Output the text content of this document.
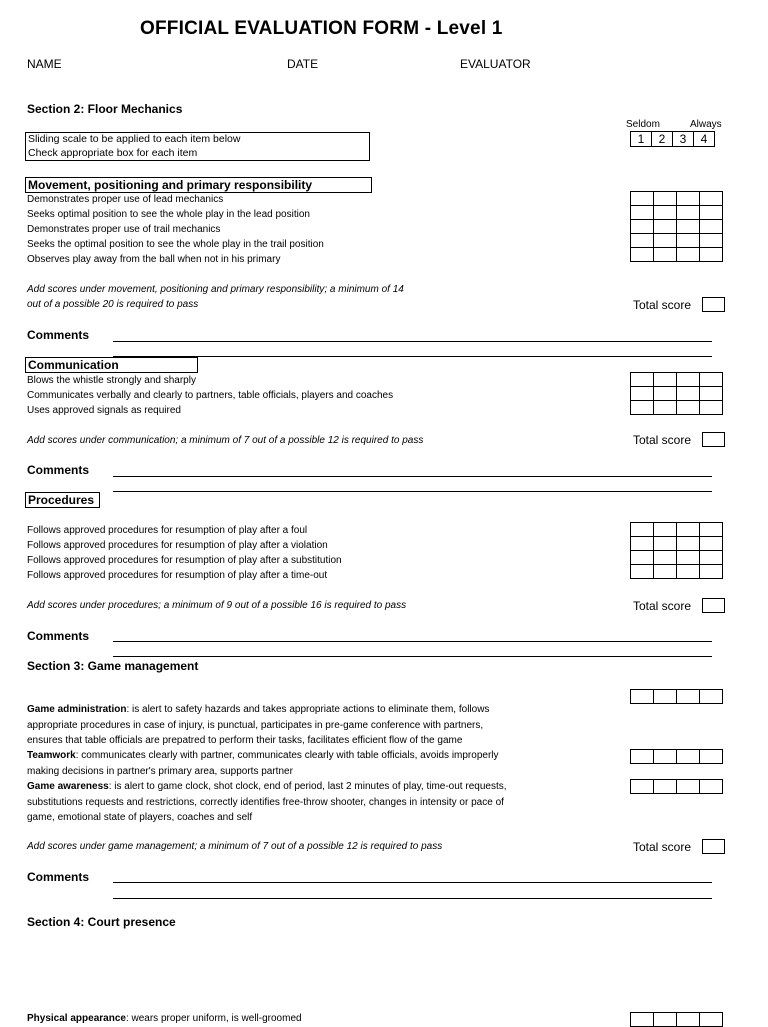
OFFICIAL EVALUATION FORM - Level 1
NAME	DATE	EVALUATOR
Section 2: Floor Mechanics
Sliding scale to be applied to each item below
Check appropriate box for each item
Seldom	Always
1	2	3	4
Movement, positioning and primary responsibility
Demonstrates proper use of lead mechanics
Seeks optimal position to see the whole play in the lead position
Demonstrates proper use of trail mechanics
Seeks the optimal position to see the whole play in the trail position
Observes play away from the ball when not in his primary

Add scores under movement, positioning and primary responsibility; a minimum of 14
out of a possible 20 is required to pass	Total score
Comments
Communication
Blows the whistle strongly and sharply
Communicates verbally and clearly to partners, table officials, players and coaches
Uses approved signals as required

Add scores under communication; a minimum of 7 out of a possible 12 is required to pass	Total score
Comments
Procedures
Follows approved procedures for resumption of play after a foul
Follows approved procedures for resumption of play after a violation
Follows approved procedures for resumption of play after a substitution
Follows approved procedures for resumption of play after a time-out

Add scores under procedures; a minimum of 9 out of a possible 16 is required to pass	Total score
Comments
Section 3: Game management

Game administration: is alert to safety hazards and takes appropriate actions to eliminate them, follows appropriate procedures in case of injury, is punctual, participates in pre-game conference with partners, ensures that table officials are prepatred to perform their tasks, facilitates efficient flow of the game

Teamwork: communicates clearly with partner, communicates clearly with table officials, avoids improperly making decisions in partner's primary area, supports partner

Game awareness: is alert to game clock, shot clock, end of period, last 2 minutes of play, time-out requests, substitutions requests and restrictions, correctly identifies free-throw shooter, changes in intensity or pace of game, emotional state of players, coaches and self
Add scores under game management; a minimum of 7 out of a possible 12 is required to pass	Total score
Comments
Section 4: Court presence
Physical appearance: wears proper uniform, is well-groomed
